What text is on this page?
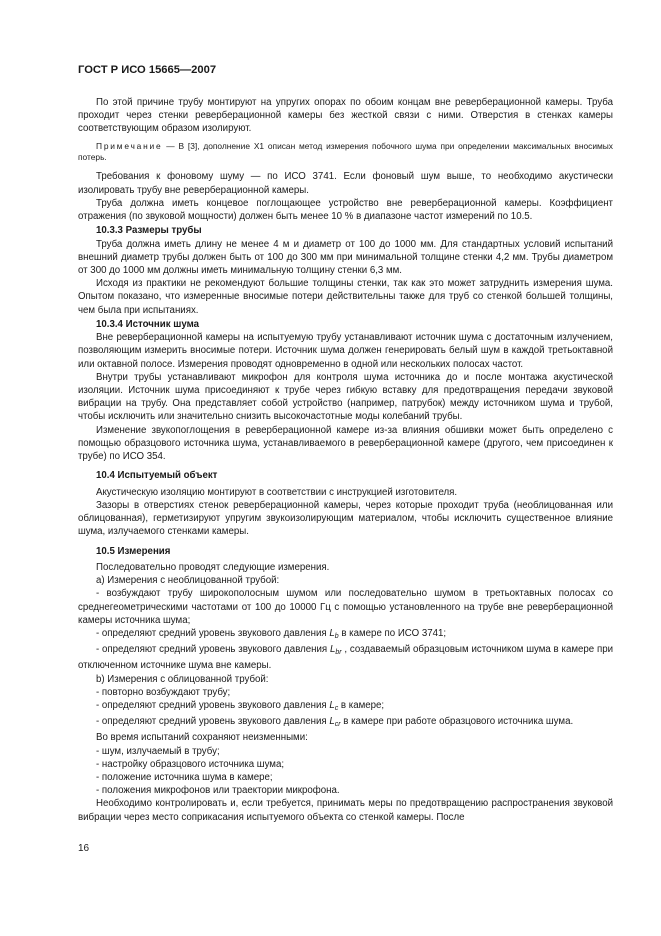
ГОСТ Р ИСО 15665—2007

По этой причине трубу монтируют на упругих опорах по обоим концам вне реверберационной камеры. Труба проходит через стенки реверберационной камеры без жесткой связи с ними. Отверстия в стенках камеры соответствующим образом изолируют.

Примечание — В [3], дополнение Х1 описан метод измерения побочного шума при определении максимальных вносимых потерь.

Требования к фоновому шуму — по ИСО 3741. Если фоновый шум выше, то необходимо акустически изолировать трубу вне реверберационной камеры.

Труба должна иметь концевое поглощающее устройство вне реверберационной камеры. Коэффициент отражения (по звуковой мощности) должен быть менее 10 % в диапазоне частот измерений по 10.5.

10.3.3 Размеры трубы

Труба должна иметь длину не менее 4 м и диаметр от 100 до 1000 мм. Для стандартных условий испытаний внешний диаметр трубы должен быть от 100 до 300 мм при минимальной толщине стенки 4,2 мм. Трубы диаметром от 300 до 1000 мм должны иметь минимальную толщину стенки 6,3 мм.

Исходя из практики не рекомендуют большие толщины стенки, так как это может затруднить измерения шума. Опытом показано, что измеренные вносимые потери действительны также для труб со стенкой большей толщины, чем была при испытаниях.

10.3.4 Источник шума

Вне реверберационной камеры на испытуемую трубу устанавливают источник шума с достаточным излучением, позволяющим измерить вносимые потери. Источник шума должен генерировать белый шум в каждой третьоктавной или октавной полосе. Измерения проводят одновременно в одной или нескольких полосах частот.

Внутри трубы устанавливают микрофон для контроля шума источника до и после монтажа акустической изоляции. Источник шума присоединяют к трубе через гибкую вставку для предотвращения передачи звуковой вибрации на трубу. Она представляет собой устройство (например, патрубок) между источником шума и трубой, чтобы исключить или значительно снизить высокочастотные моды колебаний трубы.

Изменение звукопоглощения в реверберационной камере из-за влияния обшивки может быть определено с помощью образцового источника шума, устанавливаемого в реверберационной камере (другого, чем присоединен к трубе) по ИСО 354.

10.4 Испытуемый объект

Акустическую изоляцию монтируют в соответствии с инструкцией изготовителя.

Зазоры в отверстиях стенок реверберационной камеры, через которые проходит труба (необлицованная или облицованная), герметизируют упругим звукоизолирующим материалом, чтобы исключить существенное влияние шума, излучаемого стенками камеры.

10.5 Измерения

Последовательно проводят следующие измерения.

а) Измерения с необлицованной трубой:

- возбуждают трубу широкополосным шумом или последовательно шумом в третьоктавных полосах со среднегеометрическими частотами от 100 до 10000 Гц с помощью установленного на трубе вне реверберационной камеры источника шума;

- определяют средний уровень звукового давления $L_b$ в камере по ИСО 3741;

- определяют средний уровень звукового давления $L_{br}$ , создаваемый образцовым источником шума в камере при отключенном источнике шума вне камеры.

b) Измерения с облицованной трубой:

- повторно возбуждают трубу;

- определяют средний уровень звукового давления $L_c$ в камере;

- определяют средний уровень звукового давления $L_{cr}$ в камере при работе образцового источника шума.

Во время испытаний сохраняют неизменными:

- шум, излучаемый в трубу;

- настройку образцового источника шума;

- положение источника шума в камере;

- положения микрофонов или траектории микрофона.

Необходимо контролировать и, если требуется, принимать меры по предотвращению распространения звуковой вибрации через место соприкасания испытуемого объекта со стенкой камеры. После

16
